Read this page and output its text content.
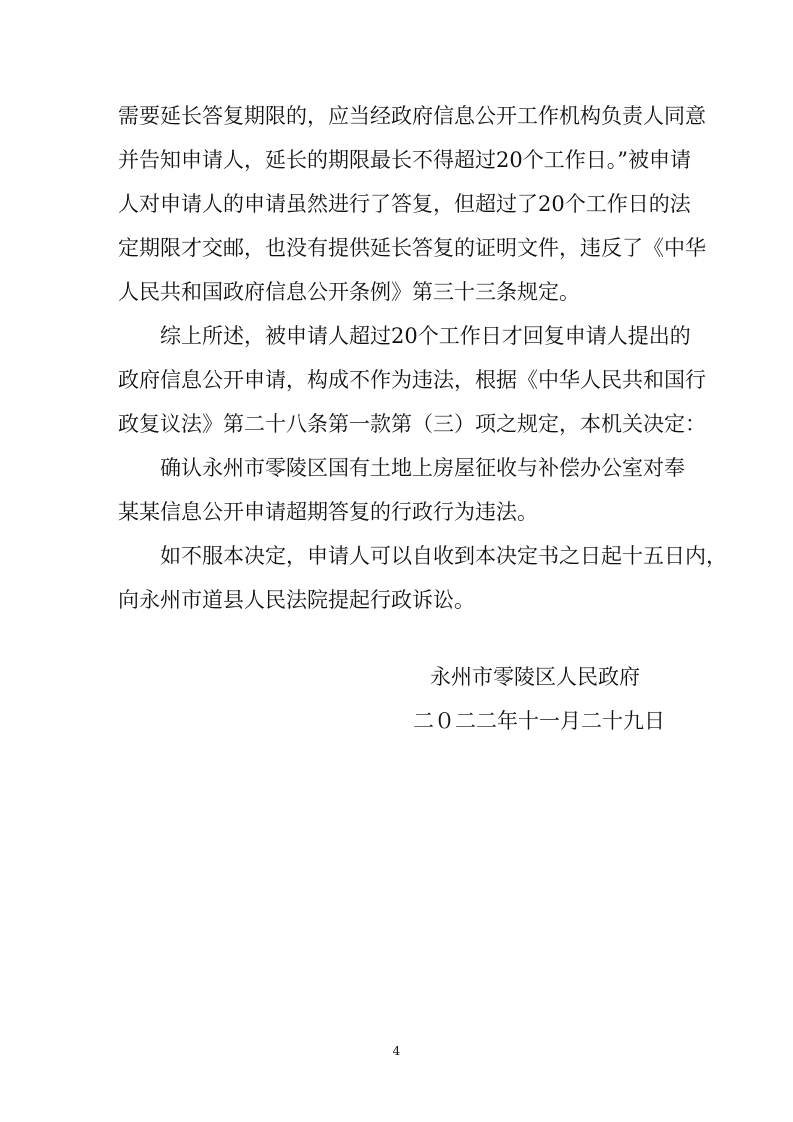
需要延长答复期限的，应当经政府信息公开工作机构负责人同意

并告知申请人，延长的期限最长不得超过20个工作日。”被申请

人对申请人的申请虽然进行了答复，但超过了20个工作日的法

定期限才交邮，也没有提供延长答复的证明文件，违反了《中华

人民共和国政府信息公开条例》第三十三条规定。

综上所述，被申请人超过20个工作日才回复申请人提出的

政府信息公开申请，构成不作为违法，根据《中华人民共和国行

政复议法》第二十八条第一款第（三）项之规定，本机关决定：

确认永州市零陵区国有土地上房屋征收与补偿办公室对奉

某某信息公开申请超期答复的行政行为违法。

如不服本决定，申请人可以自收到本决定书之日起十五日内，

向永州市道县人民法院提起行政诉讼。

永州市零陵区人民政府

二０二二年十一月二十九日

4
